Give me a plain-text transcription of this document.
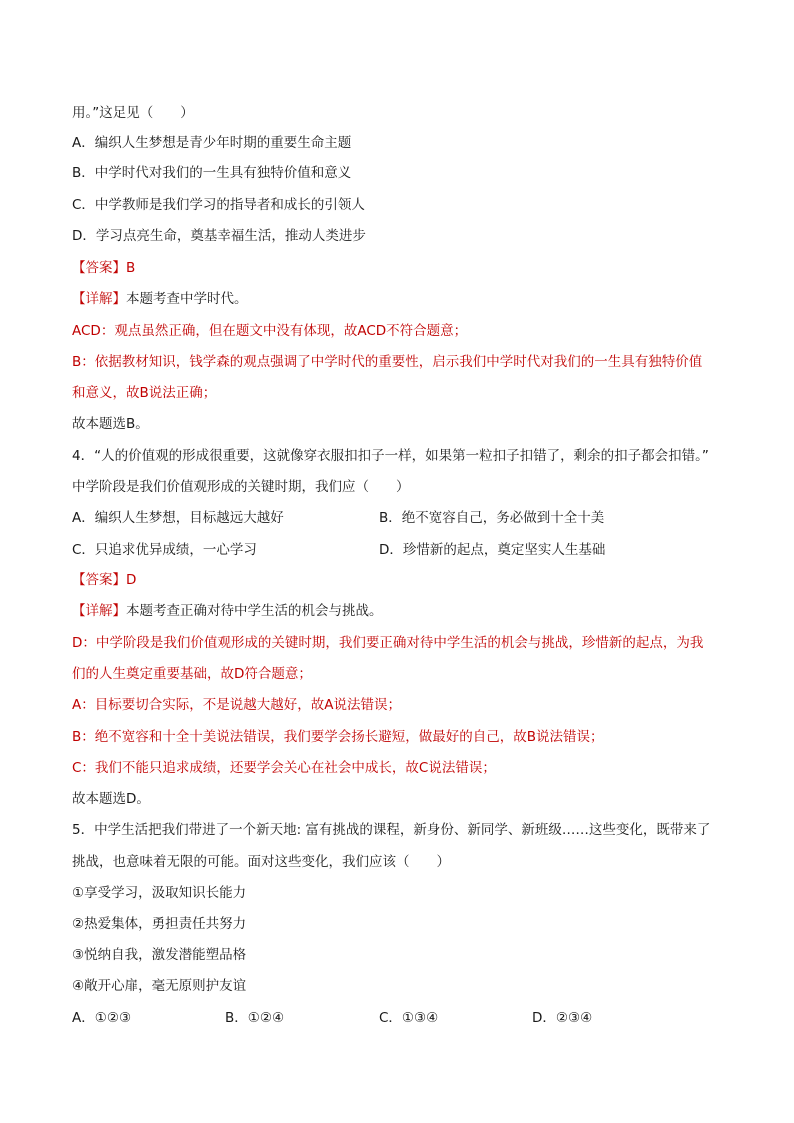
用。”这足见（　　）
A．编织人生梦想是青少年时期的重要生命主题
B．中学时代对我们的一生具有独特价值和意义
C．中学教师是我们学习的指导者和成长的引领人
D．学习点亮生命，奠基幸福生活，推动人类进步
【答案】B
【详解】本题考查中学时代。
ACD：观点虽然正确，但在题文中没有体现，故ACD不符合题意；
B：依据教材知识，钱学森的观点强调了中学时代的重要性，启示我们中学时代对我们的一生具有独特价值
和意义，故B说法正确；
故本题选B。
4．“人的价值观的形成很重要，这就像穿衣服扣扣子一样，如果第一粒扣子扣错了，剩余的扣子都会扣错。”
中学阶段是我们价值观形成的关键时期，我们应（　　）
A．编织人生梦想，目标越远大越好	B．绝不宽容自己，务必做到十全十美
C．只追求优异成绩，一心学习	D．珍惜新的起点，奠定坚实人生基础
【答案】D
【详解】本题考查正确对待中学生活的机会与挑战。
D：中学阶段是我们价值观形成的关键时期，我们要正确对待中学生活的机会与挑战，珍惜新的起点，为我
们的人生奠定重要基础，故D符合题意；
A：目标要切合实际，不是说越大越好，故A说法错误；
B：绝不宽容和十全十美说法错误，我们要学会扬长避短，做最好的自己，故B说法错误；
C：我们不能只追求成绩，还要学会关心在社会中成长，故C说法错误；
故本题选D。
5．中学生活把我们带进了一个新天地: 富有挑战的课程，新身份、新同学、新班级……这些变化，既带来了
挑战，也意味着无限的可能。面对这些变化，我们应该（　　）
①享受学习，汲取知识长能力
②热爱集体，勇担责任共努力
③悦纳自我，激发潜能塑品格
④敞开心扉，毫无原则护友谊
A．①②③	B．①②④	C．①③④	D．②③④
